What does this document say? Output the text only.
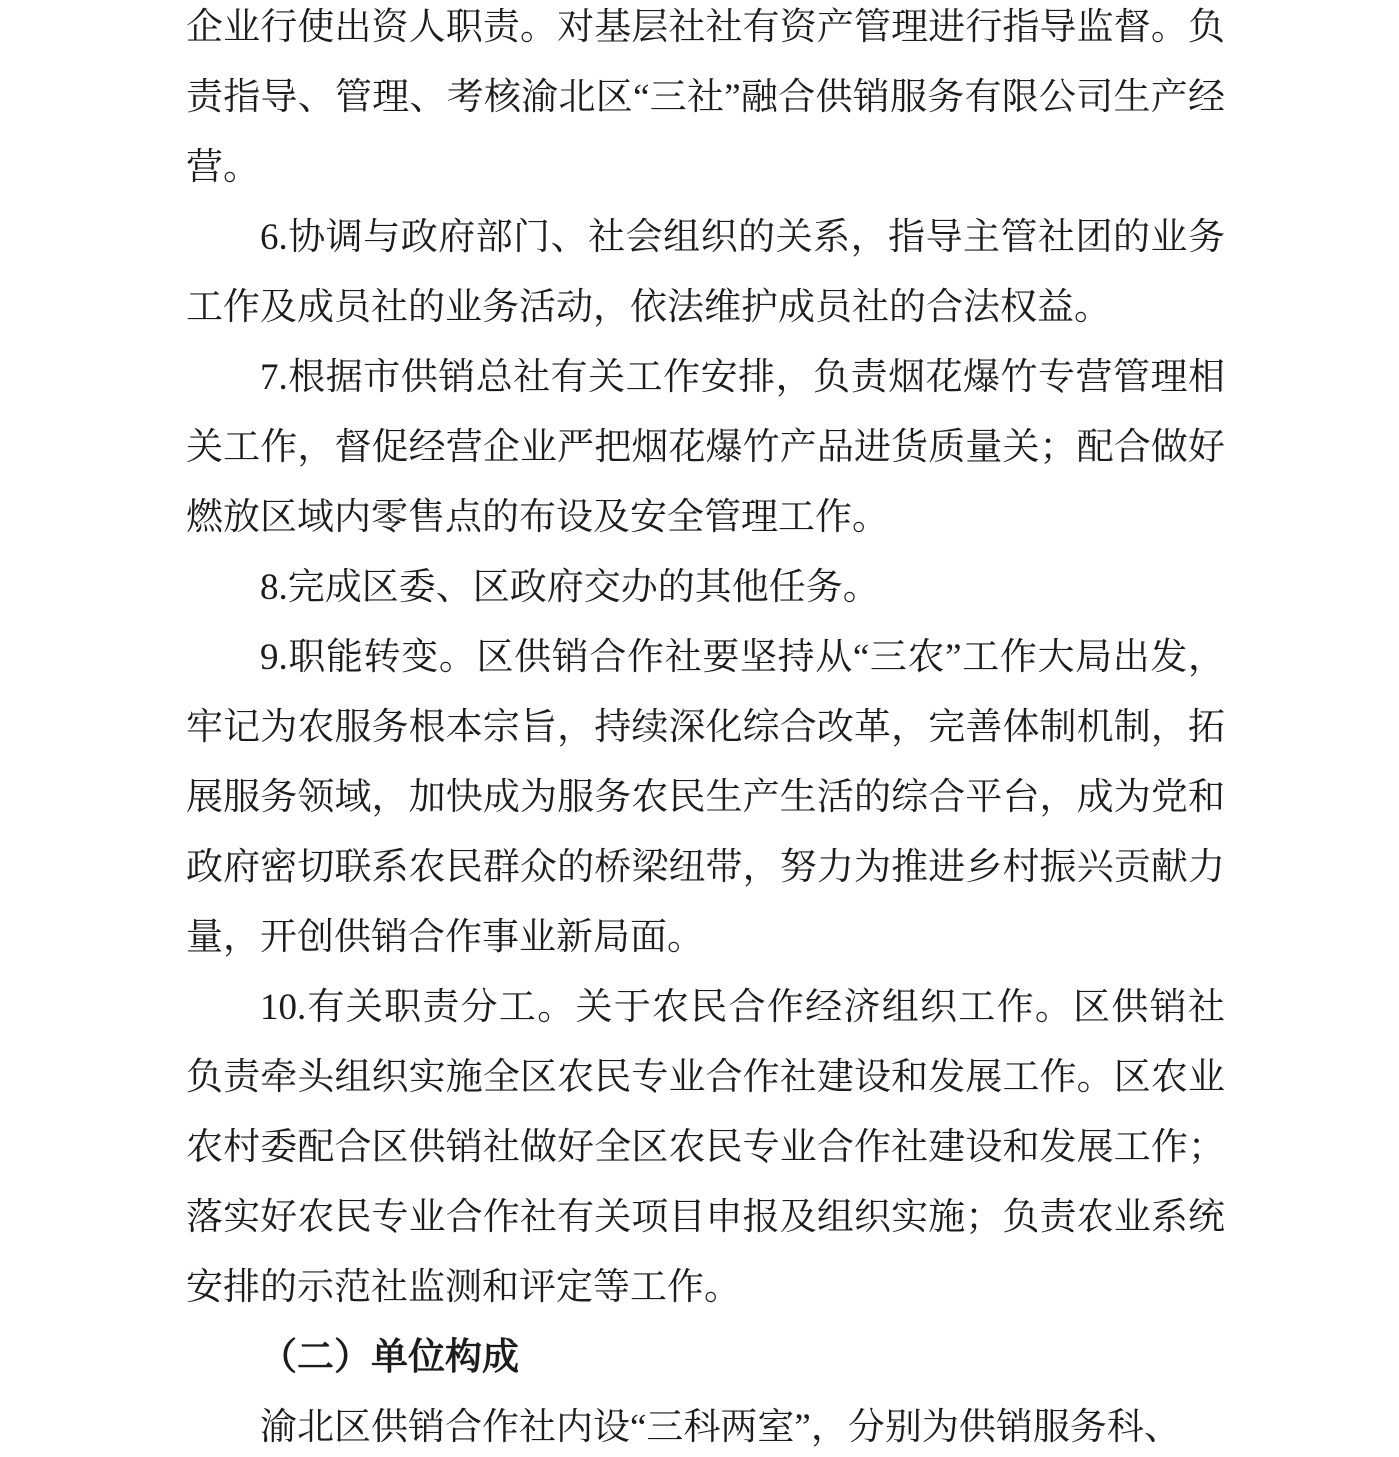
企业行使出资人职责。对基层社社有资产管理进行指导监督。负责指导、管理、考核渝北区“三社”融合供销服务有限公司生产经营。

6.协调与政府部门、社会组织的关系，指导主管社团的业务工作及成员社的业务活动，依法维护成员社的合法权益。

7.根据市供销总社有关工作安排，负责烟花爆竹专营管理相关工作，督促经营企业严把烟花爆竹产品进货质量关；配合做好燃放区域内零售点的布设及安全管理工作。

8.完成区委、区政府交办的其他任务。

9.职能转变。区供销合作社要坚持从“三农”工作大局出发，牢记为农服务根本宗旨，持续深化综合改革，完善体制机制，拓展服务领域，加快成为服务农民生产生活的综合平台，成为党和政府密切联系农民群众的桥梁纽带，努力为推进乡村振兴贡献力量，开创供销合作事业新局面。

10.有关职责分工。关于农民合作经济组织工作。区供销社负责牵头组织实施全区农民专业合作社建设和发展工作。区农业农村委配合区供销社做好全区农民专业合作社建设和发展工作；落实好农民专业合作社有关项目申报及组织实施；负责农业系统安排的示范社监测和评定等工作。

（二）单位构成

渝北区供销合作社内设“三科两室”，分别为供销服务科、
